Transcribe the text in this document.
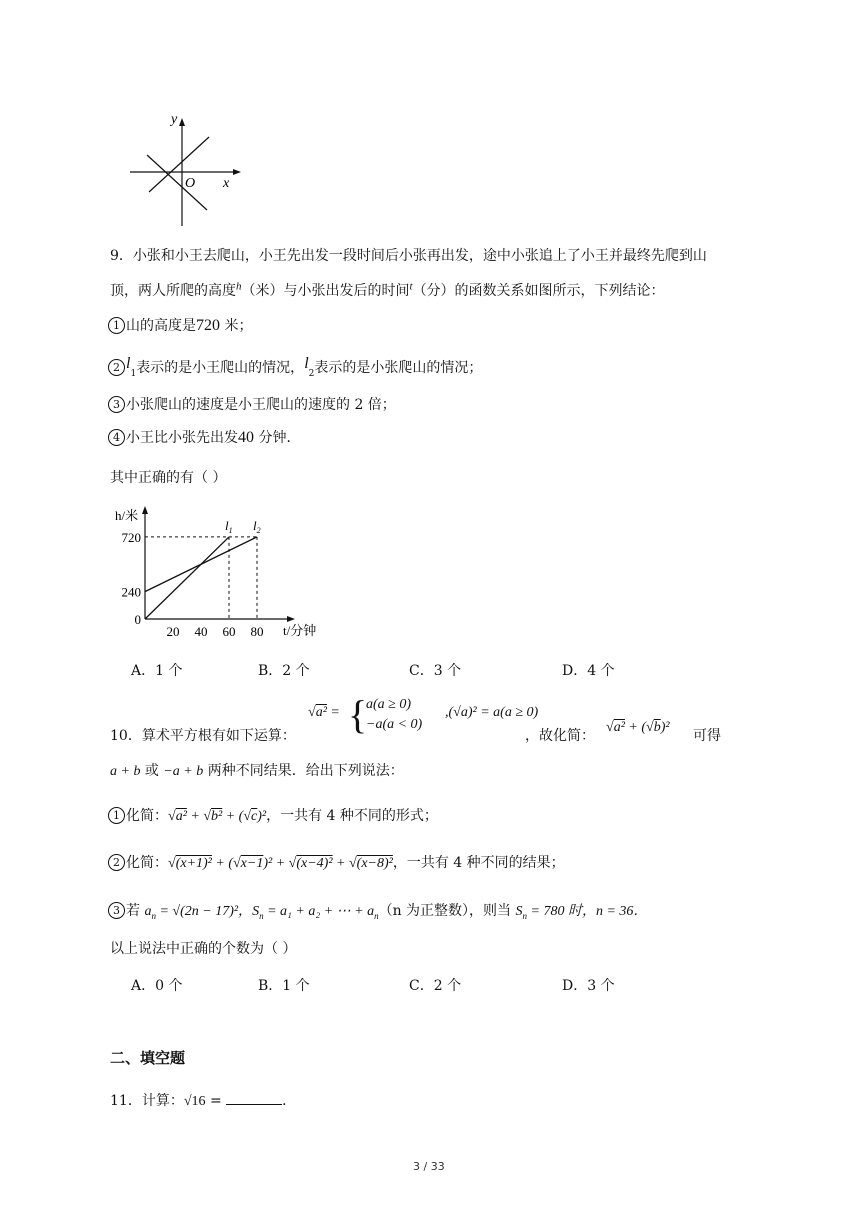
y
x
O
9．小张和小王去爬山，小王先出发一段时间后小张再出发，途中小张追上了小王并最终先爬到山
顶，两人所爬的高度$^h$（米）与小张出发后的时间$^t$（分）的函数关系如图所示，下列结论：
1 山的高度是720 米；
2 $l_1$表示的是小王爬山的情况，$l_2$表示的是小张爬山的情况；
3 小张爬山的速度是小王爬山的速度的 2 倍；
4 小王比小张先出发40 分钟．
其中正确的有（ ）
h/米
t/分钟
720
240
0
20 40 60 80
$l_1$ $l_2$
A．1 个	B．2 个	C．3 个	D．4 个
10．算术平方根有如下运算：
√a² = {
a(a ≥ 0)
−a(a < 0)
,(√a)² = a(a ≥ 0)
，故化简：
√a² + (√b)²
可得
a + b 或 −a + b 两种不同结果．给出下列说法：
1 化简：√a² + √b² + (√c)²，一共有 4 种不同的形式；
2 化简：√(x+1)² + (√x−1)² + √(x−4)² + √(x−8)²，一共有 4 种不同的结果；
3 若 $a_n = √(2n - 17)^2$，$S_n = a_1 + a_2$ + ⋯ + $a_n(n$ 为正整数），则当 $S_n = 780$ 时，n = 36．
以上说法中正确的个数为（ ）
A．0 个	B．1 个	C．2 个	D．3 个
二、填空题
11．计算：√16 =	．
3 / 33
